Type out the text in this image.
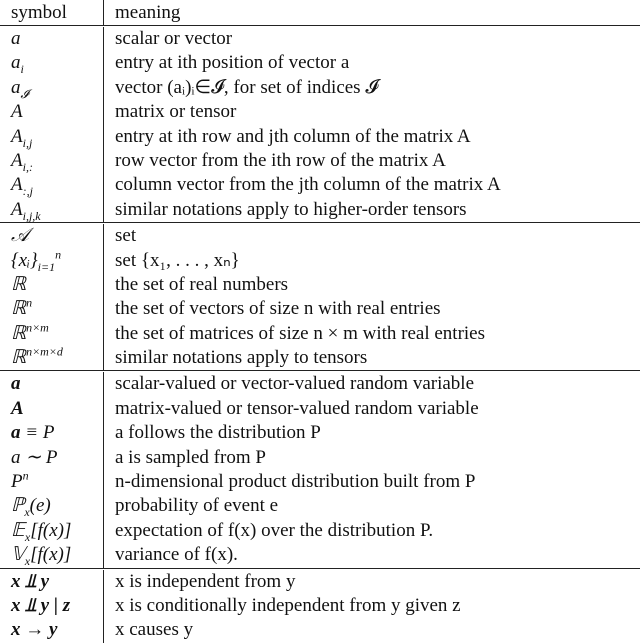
symbol	meaning
a	scalar or vector
$a_i$	entry at ith position of vector a
$a_𝓘$	vector (aᵢ)ᵢ∈𝓘, for set of indices 𝓘
A	matrix or tensor
$A_{i,j}$	entry at ith row and jth column of the matrix A
$A_{i,:}$	row vector from the ith row of the matrix A
$A_{:,j}$	column vector from the jth column of the matrix A
$A_{i,j,k}$	similar notations apply to higher-order tensors
𝒜	set
$\{xᵢ\}_{i=1}^n$	set {x₁, . . . , xₙ}
ℝ	the set of real numbers
ℝ$^n$	the set of vectors of size n with real entries
ℝ$^{n\times m}$	the set of matrices of size n × m with real entries
ℝ$^{n\times m\times d}$	similar notations apply to tensors
a	scalar-valued or vector-valued random variable
A	matrix-valued or tensor-valued random variable
a ≡ P	a follows the distribution P
a ∼ P	a is sampled from P
$P^n$	n-dimensional product distribution built from P
ℙ$_x$(e)	probability of event e
𝔼$_x$[f(x)]	expectation of f(x) over the distribution P.
𝕍$_x$[f(x)]	variance of f(x).
x ⫫ y	x is independent from y
x ⫫ y | z	x is conditionally independent from y given z
x → y	x causes y
